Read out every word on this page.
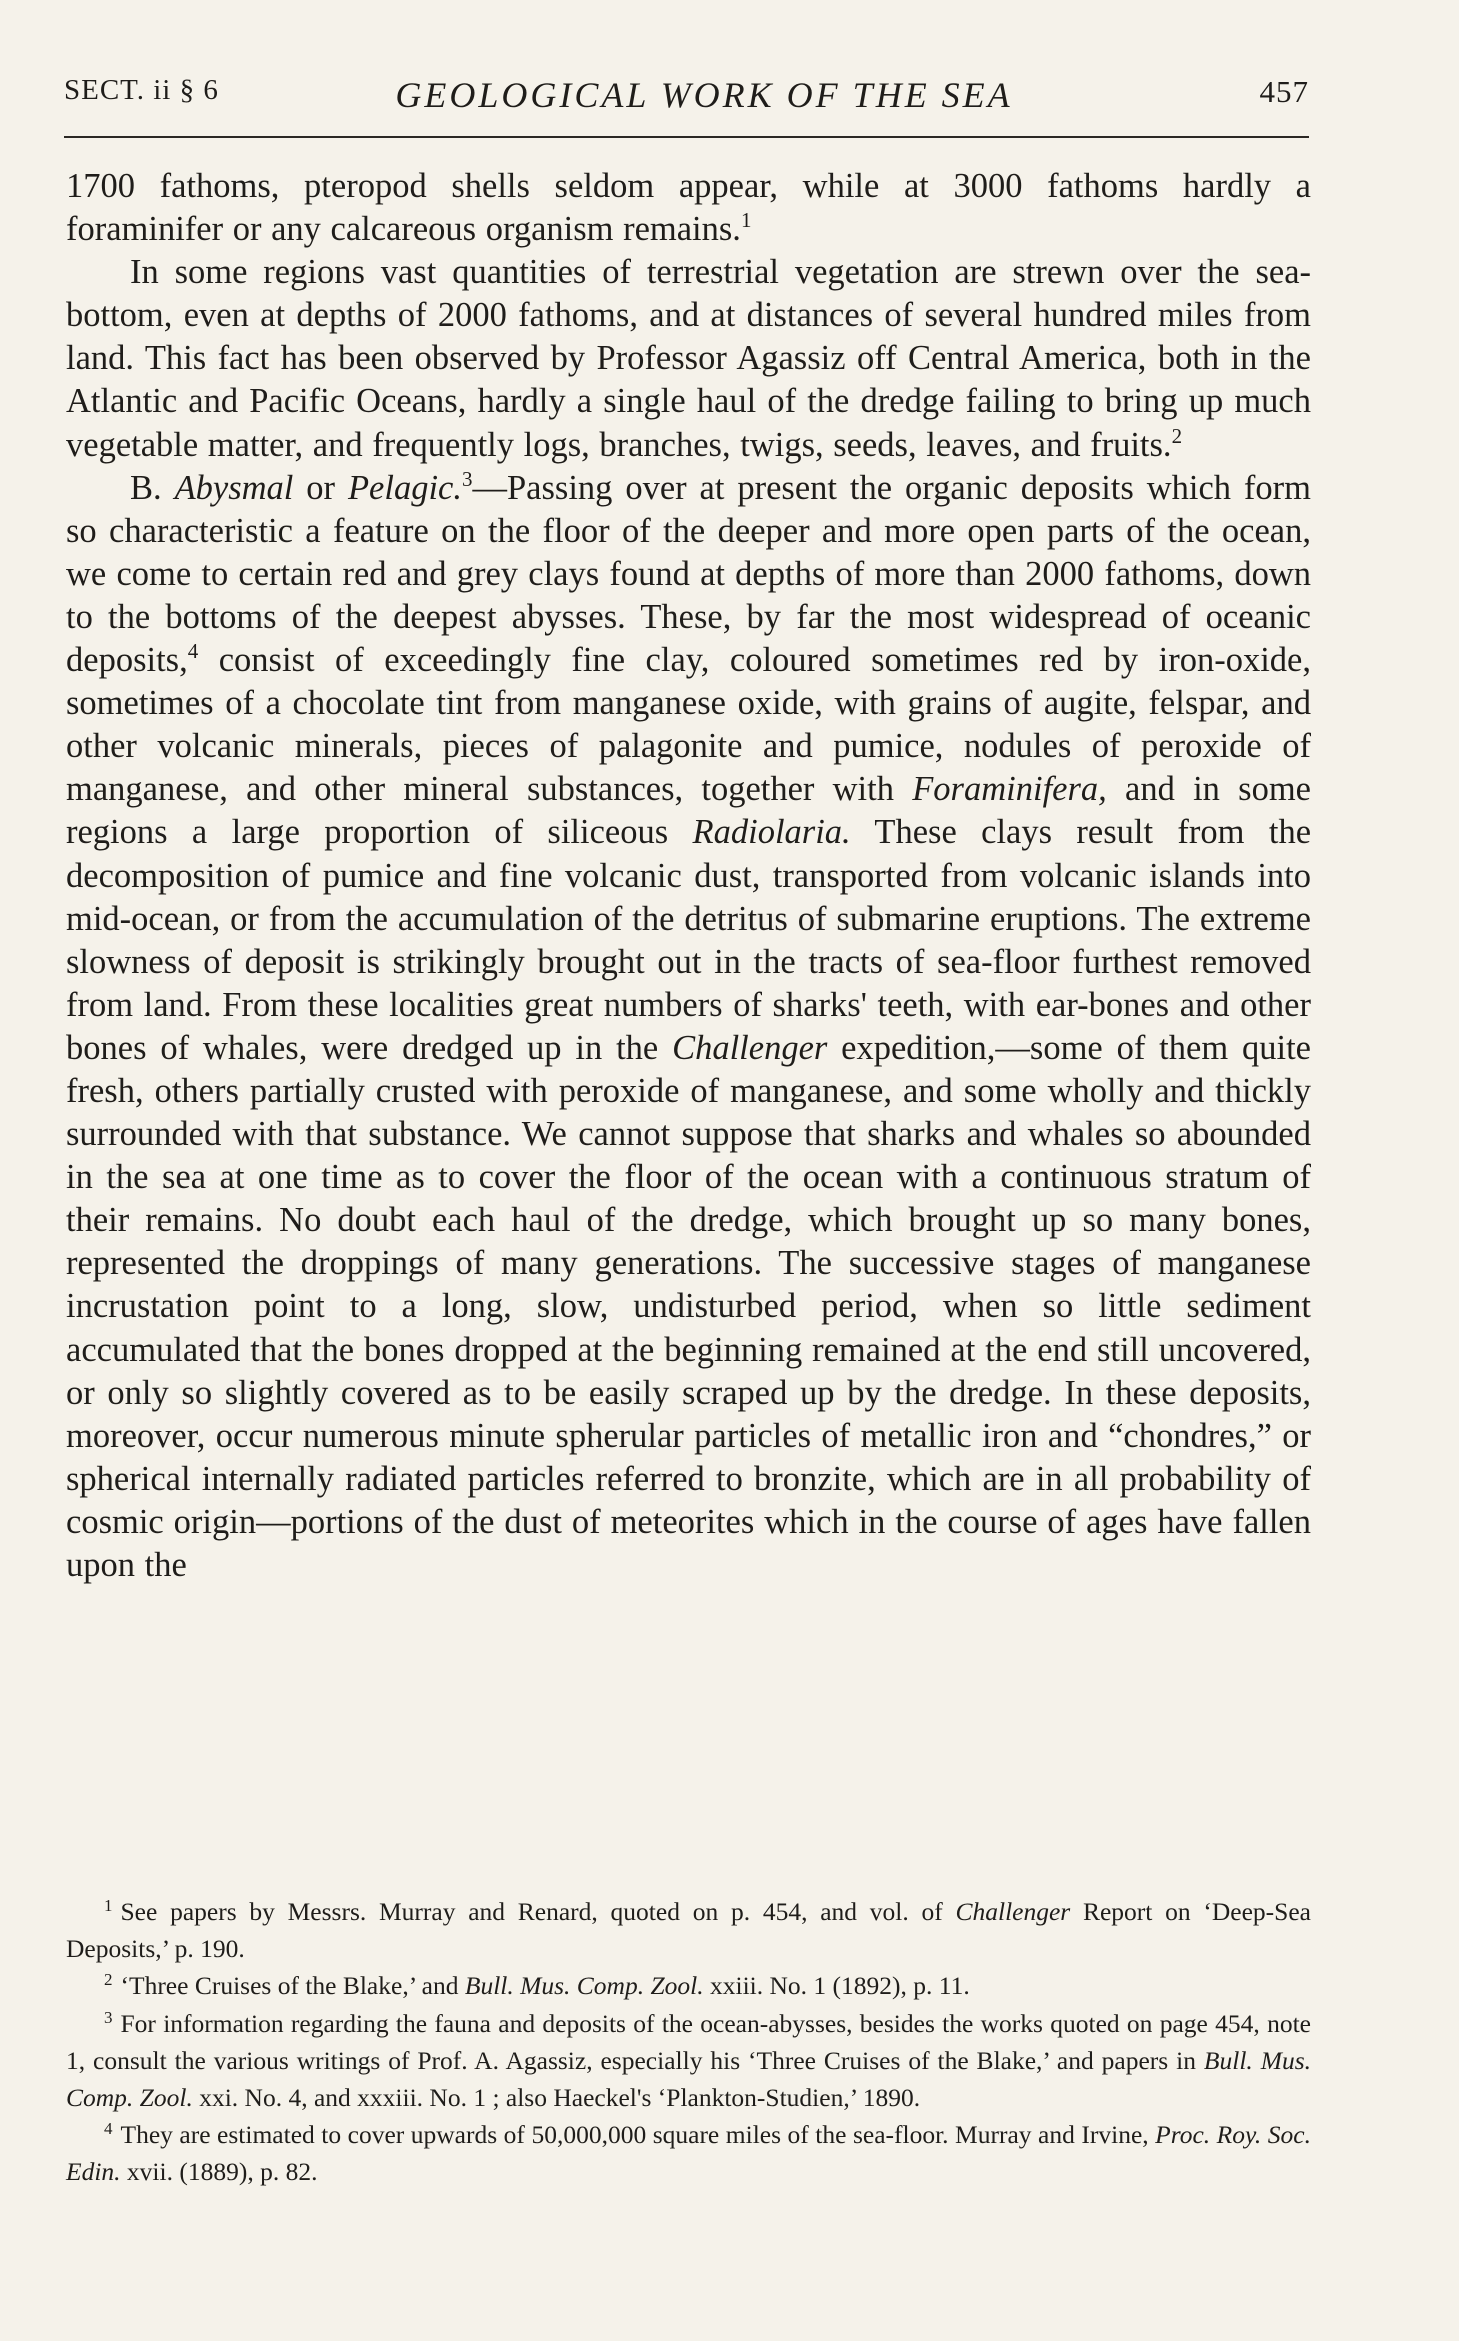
SECT. ii § 6	GEOLOGICAL WORK OF THE SEA	457

1700 fathoms, pteropod shells seldom appear, while at 3000 fathoms hardly a foraminifer or any calcareous organism remains.$^1$

In some regions vast quantities of terrestrial vegetation are strewn over the sea-bottom, even at depths of 2000 fathoms, and at distances of several hundred miles from land. This fact has been observed by Professor Agassiz off Central America, both in the Atlantic and Pacific Oceans, hardly a single haul of the dredge failing to bring up much vegetable matter, and frequently logs, branches, twigs, seeds, leaves, and fruits.$^2$

B. Abysmal or Pelagic.$^3$—Passing over at present the organic deposits which form so characteristic a feature on the floor of the deeper and more open parts of the ocean, we come to certain red and grey clays found at depths of more than 2000 fathoms, down to the bottoms of the deepest abysses. These, by far the most widespread of oceanic deposits,$^4$ consist of exceedingly fine clay, coloured sometimes red by iron-oxide, sometimes of a chocolate tint from manganese oxide, with grains of augite, felspar, and other volcanic minerals, pieces of palagonite and pumice, nodules of peroxide of manganese, and other mineral substances, together with Foraminifera, and in some regions a large proportion of siliceous Radiolaria. These clays result from the decomposition of pumice and fine volcanic dust, transported from volcanic islands into mid-ocean, or from the accumulation of the detritus of submarine eruptions. The extreme slowness of deposit is strikingly brought out in the tracts of sea-floor furthest removed from land. From these localities great numbers of sharks' teeth, with ear-bones and other bones of whales, were dredged up in the Challenger expedition,—some of them quite fresh, others partially crusted with peroxide of manganese, and some wholly and thickly surrounded with that substance. We cannot suppose that sharks and whales so abounded in the sea at one time as to cover the floor of the ocean with a continuous stratum of their remains. No doubt each haul of the dredge, which brought up so many bones, represented the droppings of many generations. The successive stages of manganese incrustation point to a long, slow, undisturbed period, when so little sediment accumulated that the bones dropped at the beginning remained at the end still uncovered, or only so slightly covered as to be easily scraped up by the dredge. In these deposits, moreover, occur numerous minute spherular particles of metallic iron and “chondres,” or spherical internally radiated particles referred to bronzite, which are in all probability of cosmic origin—portions of the dust of meteorites which in the course of ages have fallen upon the

$^1$ See papers by Messrs. Murray and Renard, quoted on p. 454, and vol. of Challenger Report on ‘Deep-Sea Deposits,’ p. 190.

$^2$ ‘Three Cruises of the Blake,’ and Bull. Mus. Comp. Zool. xxiii. No. 1 (1892), p. 11.

$^3$ For information regarding the fauna and deposits of the ocean-abysses, besides the works quoted on page 454, note 1, consult the various writings of Prof. A. Agassiz, especially his ‘Three Cruises of the Blake,’ and papers in Bull. Mus. Comp. Zool. xxi. No. 4, and xxxiii. No. 1 ; also Haeckel's ‘Plankton-Studien,’ 1890.

$^4$ They are estimated to cover upwards of 50,000,000 square miles of the sea-floor. Murray and Irvine, Proc. Roy. Soc. Edin. xvii. (1889), p. 82.
